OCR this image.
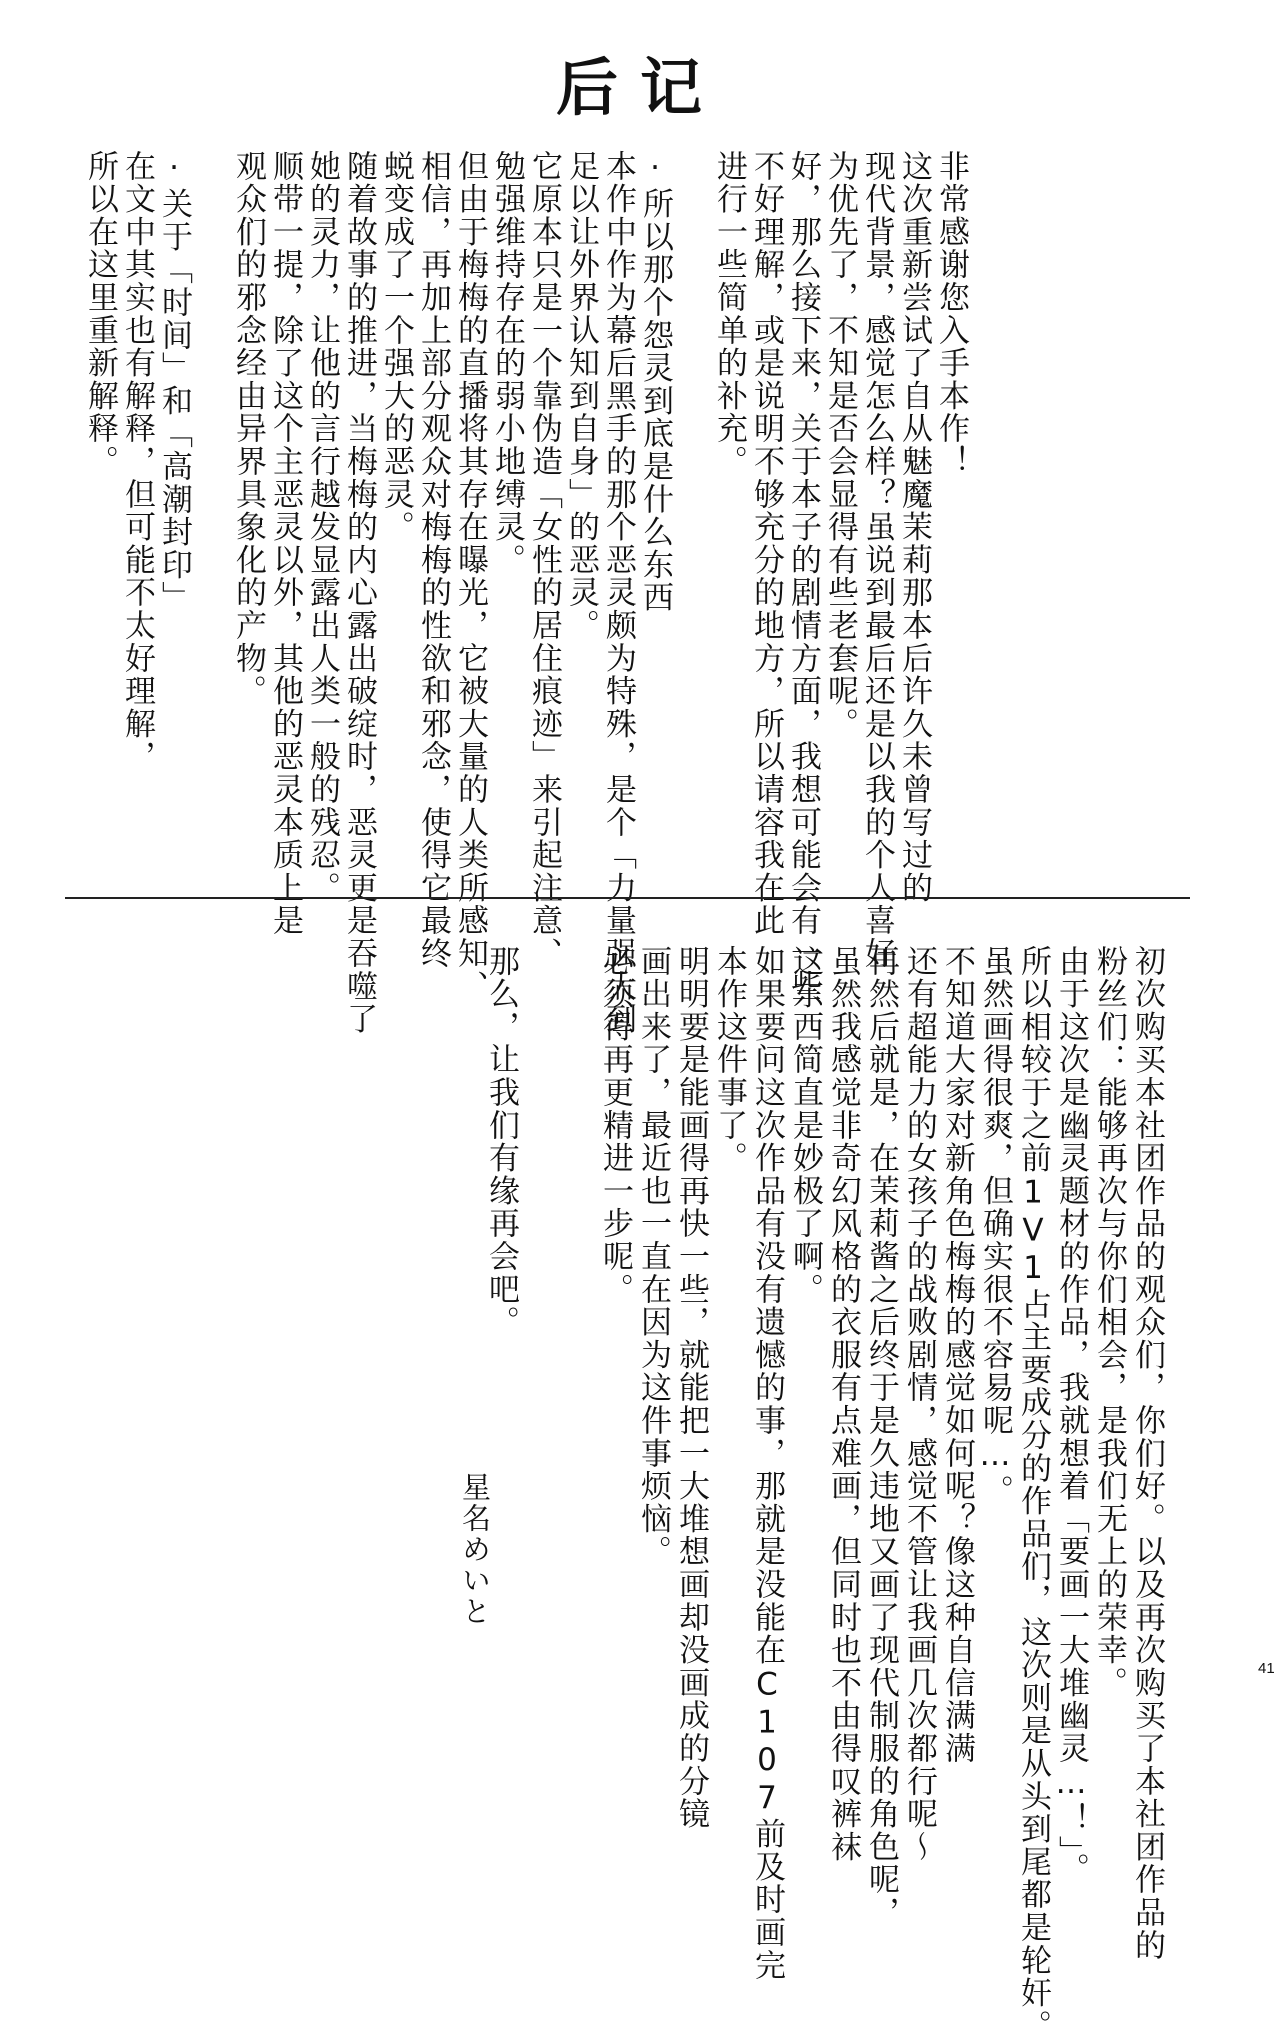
后记
非常感谢您入手本作！
这次重新尝试了自从魅魔茉莉那本后许久未曾写过的
现代背景，感觉怎么样？虽说到最后还是以我的个人喜好
为优先了，不知是否会显得有些老套呢。
好，那么接下来，关于本子的剧情方面，我想可能会有一些
不好理解，或是说明不够充分的地方，所以请容我在此
进行一些简单的补充。
·所以那个怨灵到底是什么东西
本作中作为幕后黑手的那个恶灵颇为特殊，是个「力量强大到
足以让外界认知到自身」的恶灵。
它原本只是一个靠伪造「女性的居住痕迹」来引起注意、
勉强维持存在的弱小地缚灵。
但由于梅梅的直播将其存在曝光，它被大量的人类所感知、
相信，再加上部分观众对梅梅的性欲和邪念，使得它最终
蜕变成了一个强大的恶灵。
随着故事的推进，当梅梅的内心露出破绽时，恶灵更是吞噬了
她的灵力，让他的言行越发显露出人类一般的残忍。
顺带一提，除了这个主恶灵以外，其他的恶灵本质上是
观众们的邪念经由异界具象化的产物。
·关于「时间」和「高潮封印」
在文中其实也有解释，但可能不太好理解，
所以在这里重新解释。
初次购买本社团作品的观众们，你们好。以及再次购买了本社团作品的
粉丝们：能够再次与你们相会，是我们无上的荣幸。
由于这次是幽灵题材的作品，我就想着「要画一大堆幽灵…！」。
所以相较于之前1V1占主要成分的作品们，这次则是从头到尾都是轮奸。
虽然画得很爽，但确实很不容易呢…。
不知道大家对新角色梅梅的感觉如何呢？像这种自信满满
还有超能力的女孩子的战败剧情，感觉不管让我画几次都行呢～
再然后就是，在茉莉酱之后终于是久违地又画了现代制服的角色呢，
虽然我感觉非奇幻风格的衣服有点难画，但同时也不由得叹裤袜
这东西简直是妙极了啊。
如果要问这次作品有没有遗憾的事，那就是没能在C107前及时画完
本作这件事了。
明明要是能画得再快一些，就能把一大堆想画却没画成的分镜
画出来了，最近也一直在因为这件事烦恼。
必须得再更精进一步呢。
那么，让我们有缘再会吧。
星名めいと
41
